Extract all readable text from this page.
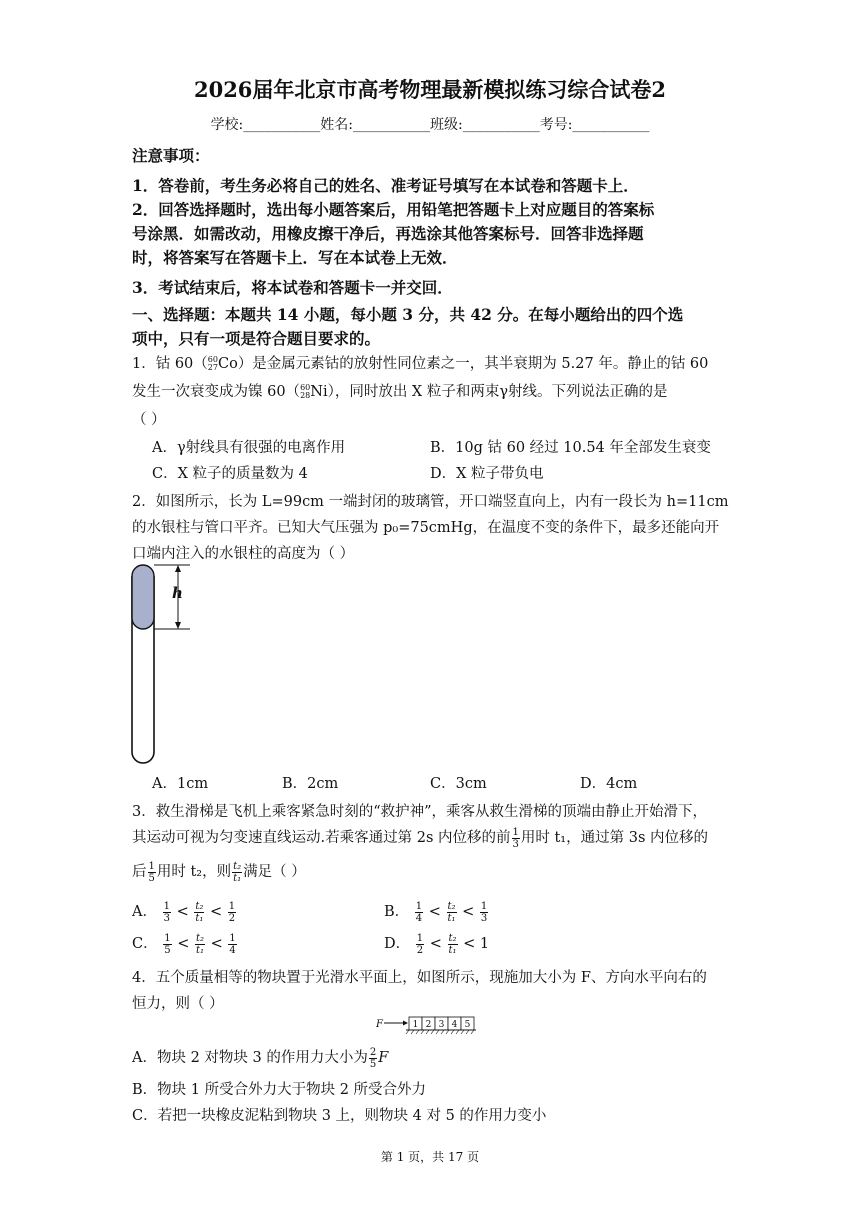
2026届年北京市高考物理最新模拟练习综合试卷2
学校:___________姓名:___________班级:___________考号:___________
注意事项：
1．答卷前，考生务必将自己的姓名、准考证号填写在本试卷和答题卡上．
2．回答选择题时，选出每小题答案后，用铅笔把答题卡上对应题目的答案标
号涂黑．如需改动，用橡皮擦干净后，再选涂其他答案标号．回答非选择题
时，将答案写在答题卡上．写在本试卷上无效．
3．考试结束后，将本试卷和答题卡一并交回．
一、选择题：本题共 14 小题，每小题 3 分，共 42 分。在每小题给出的四个选
项中，只有一项是符合题目要求的。
1．钴 60（ 60
27 Co）是金属元素钴的放射性同位素之一，其半衰期为 5.27 年。静止的钴 60
发生一次衰变成为镍 60（ 60
28 Ni），同时放出 X 粒子和两束γ射线。下列说法正确的是
（ ）
A．γ射线具有很强的电离作用	B．10g 钴 60 经过 10.54 年全部发生衰变
C．X 粒子的质量数为 4	D．X 粒子带负电
2．如图所示，长为 L=99cm 一端封闭的玻璃管，开口端竖直向上，内有一段长为 h=11cm
的水银柱与管口平齐。已知大气压强为 p₀=75cmHg，在温度不变的条件下，最多还能向开
口端内注入的水银柱的高度为（ ）
h
A．1cm	B．2cm	C．3cm	D．4cm
3．救生滑梯是飞机上乘客紧急时刻的“救护神”，乘客从救生滑梯的顶端由静止开始滑下，
其运动可视为匀变速直线运动.若乘客通过第 2s 内位移的前 $\frac{1}{3}$ 用时 t₁，通过第 3s 内位移的
后 $\frac{1}{5}$ 用时 t₂，则 $\frac{\text{t₂}}{\text{t₁}}$ 满足（ ）
A． $\frac{1}{3} < \frac{\text{t₂}}{\text{t₁}} < \frac{1}{2}$	B． $\frac{1}{4} < \frac{\text{t₂}}{\text{t₁}} < \frac{1}{3}$
C． $\frac{1}{5} < \frac{\text{t₂}}{\text{t₁}} < \frac{1}{4}$	D． $\frac{1}{2} < \frac{\text{t₂}}{\text{t₁}} < 1$
4．五个质量相等的物块置于光滑水平面上，如图所示，现施加大小为 F、方向水平向右的
恒力，则（ ）
F	1 2 3 4 5
A．物块 2 对物块 3 的作用力大小为 $\frac{2}{5}$ F
B．物块 1 所受合外力大于物块 2 所受合外力
C．若把一块橡皮泥粘到物块 3 上，则物块 4 对 5 的作用力变小
第 1 页，共 17 页
